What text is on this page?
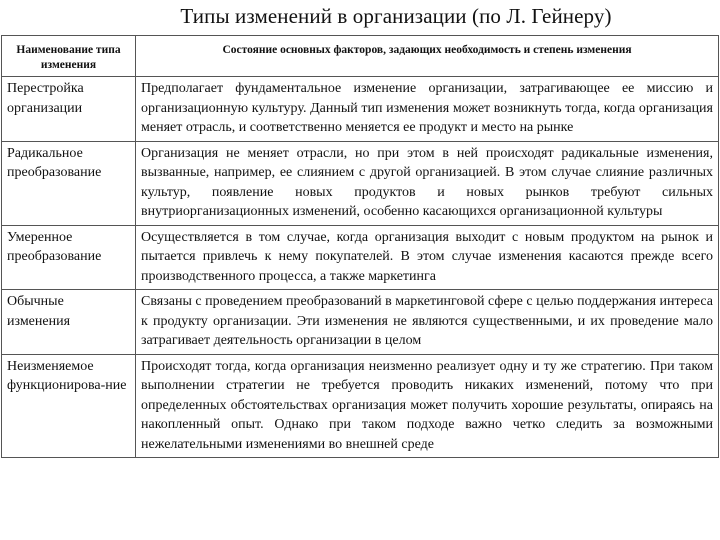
Типы изменений в организации (по Л. Гейнеру)
Наименование типа изменения	Состояние основных факторов, задающих необходимость и степень изменения
Перестройка организации	Предполагает фундаментальное изменение организации, затрагивающее ее миссию и организационную культуру. Данный тип изменения может возникнуть тогда, когда организация меняет отрасль, и соответственно меняется ее продукт и место на рынке
Радикальное преобразование	Организация не меняет отрасли, но при этом в ней происходят радикальные изменения, вызванные, например, ее слиянием с другой организацией. В этом случае слияние различных культур, появление новых продуктов и новых рынков требуют сильных внутриорганизационных изменений, особенно касающихся организационной культуры
Умеренное преобразование	Осуществляется в том случае, когда организация выходит с новым продуктом на рынок и пытается привлечь к нему покупателей. В этом случае изменения касаются прежде всего производственного процесса, а также маркетинга
Обычные изменения	Связаны с проведением преобразований в маркетинговой сфере с целью поддержания интереса к продукту организации. Эти изменения не являются существенными, и их проведение мало затрагивает деятельность организации в целом
Неизменяемое функционирова-ние	Происходят тогда, когда организация неизменно реализует одну и ту же стратегию. При таком выполнении стратегии не требуется проводить никаких изменений, потому что при определенных обстоятельствах организация может получить хорошие результаты, опираясь на накопленный опыт. Однако при таком подходе важно четко следить за возможными нежелательными изменениями во внешней среде
